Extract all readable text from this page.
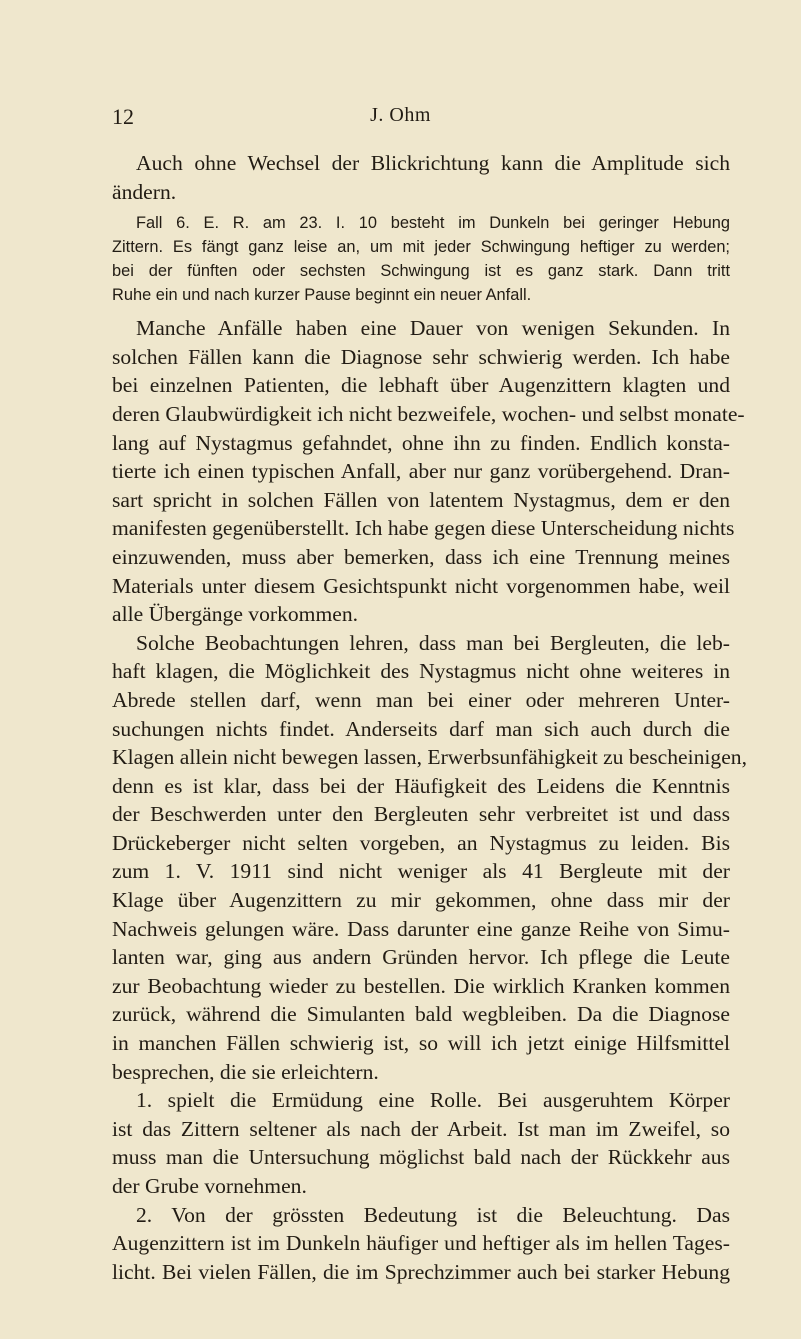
12	J. Ohm
Auch ohne Wechsel der Blickrichtung kann die Amplitude sich
ändern.
Fall 6. E. R. am 23. I. 10 besteht im Dunkeln bei geringer Hebung
Zittern. Es fängt ganz leise an, um mit jeder Schwingung heftiger zu werden;
bei der fünften oder sechsten Schwingung ist es ganz stark. Dann tritt
Ruhe ein und nach kurzer Pause beginnt ein neuer Anfall.
Manche Anfälle haben eine Dauer von wenigen Sekunden. In
solchen Fällen kann die Diagnose sehr schwierig werden. Ich habe
bei einzelnen Patienten, die lebhaft über Augenzittern klagten und
deren Glaubwürdigkeit ich nicht bezweifele, wochen- und selbst monate-
lang auf Nystagmus gefahndet, ohne ihn zu finden. Endlich konsta-
tierte ich einen typischen Anfall, aber nur ganz vorübergehend. Dran-
sart spricht in solchen Fällen von latentem Nystagmus, dem er den
manifesten gegenüberstellt. Ich habe gegen diese Unterscheidung nichts
einzuwenden, muss aber bemerken, dass ich eine Trennung meines
Materials unter diesem Gesichtspunkt nicht vorgenommen habe, weil
alle Übergänge vorkommen.
Solche Beobachtungen lehren, dass man bei Bergleuten, die leb-
haft klagen, die Möglichkeit des Nystagmus nicht ohne weiteres in
Abrede stellen darf, wenn man bei einer oder mehreren Unter-
suchungen nichts findet. Anderseits darf man sich auch durch die
Klagen allein nicht bewegen lassen, Erwerbsunfähigkeit zu bescheinigen,
denn es ist klar, dass bei der Häufigkeit des Leidens die Kenntnis
der Beschwerden unter den Bergleuten sehr verbreitet ist und dass
Drückeberger nicht selten vorgeben, an Nystagmus zu leiden. Bis
zum 1. V. 1911 sind nicht weniger als 41 Bergleute mit der
Klage über Augenzittern zu mir gekommen, ohne dass mir der
Nachweis gelungen wäre. Dass darunter eine ganze Reihe von Simu-
lanten war, ging aus andern Gründen hervor. Ich pflege die Leute
zur Beobachtung wieder zu bestellen. Die wirklich Kranken kommen
zurück, während die Simulanten bald wegbleiben. Da die Diagnose
in manchen Fällen schwierig ist, so will ich jetzt einige Hilfsmittel
besprechen, die sie erleichtern.
1. spielt die Ermüdung eine Rolle. Bei ausgeruhtem Körper
ist das Zittern seltener als nach der Arbeit. Ist man im Zweifel, so
muss man die Untersuchung möglichst bald nach der Rückkehr aus
der Grube vornehmen.
2. Von der grössten Bedeutung ist die Beleuchtung. Das
Augenzittern ist im Dunkeln häufiger und heftiger als im hellen Tages-
licht. Bei vielen Fällen, die im Sprechzimmer auch bei starker Hebung
